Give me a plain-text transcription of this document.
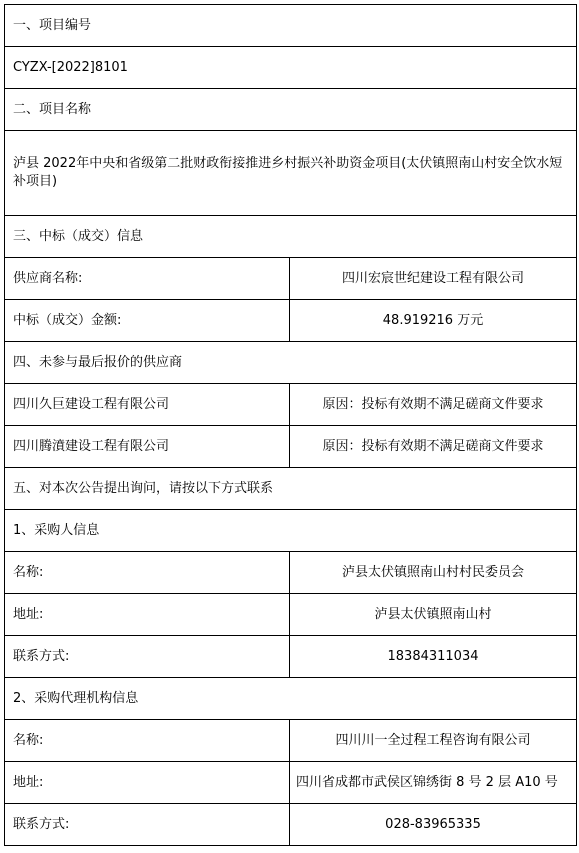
一、项目编号	
CYZX-[2022]8101	
二、项目名称	
泸县 2022年中央和省级第二批财政衔接推进乡村振兴补助资金项目(太伏镇照南山村安全饮水短补项目)	
三、中标（成交）信息	
供应商名称:	四川宏宸世纪建设工程有限公司
中标（成交）金额:	48.919216 万元
四、未参与最后报价的供应商	
四川久巨建设工程有限公司	原因：投标有效期不满足磋商文件要求
四川腾濆建设工程有限公司	原因：投标有效期不满足磋商文件要求
五、对本次公告提出询问，请按以下方式联系	
1、采购人信息	
名称:	泸县太伏镇照南山村村民委员会
地址:	泸县太伏镇照南山村
联系方式:	18384311034
2、采购代理机构信息	
名称:	四川川一全过程工程咨询有限公司
地址:	四川省成都市武侯区锦绣街 8 号 2 层 A10 号
联系方式:	028-83965335
